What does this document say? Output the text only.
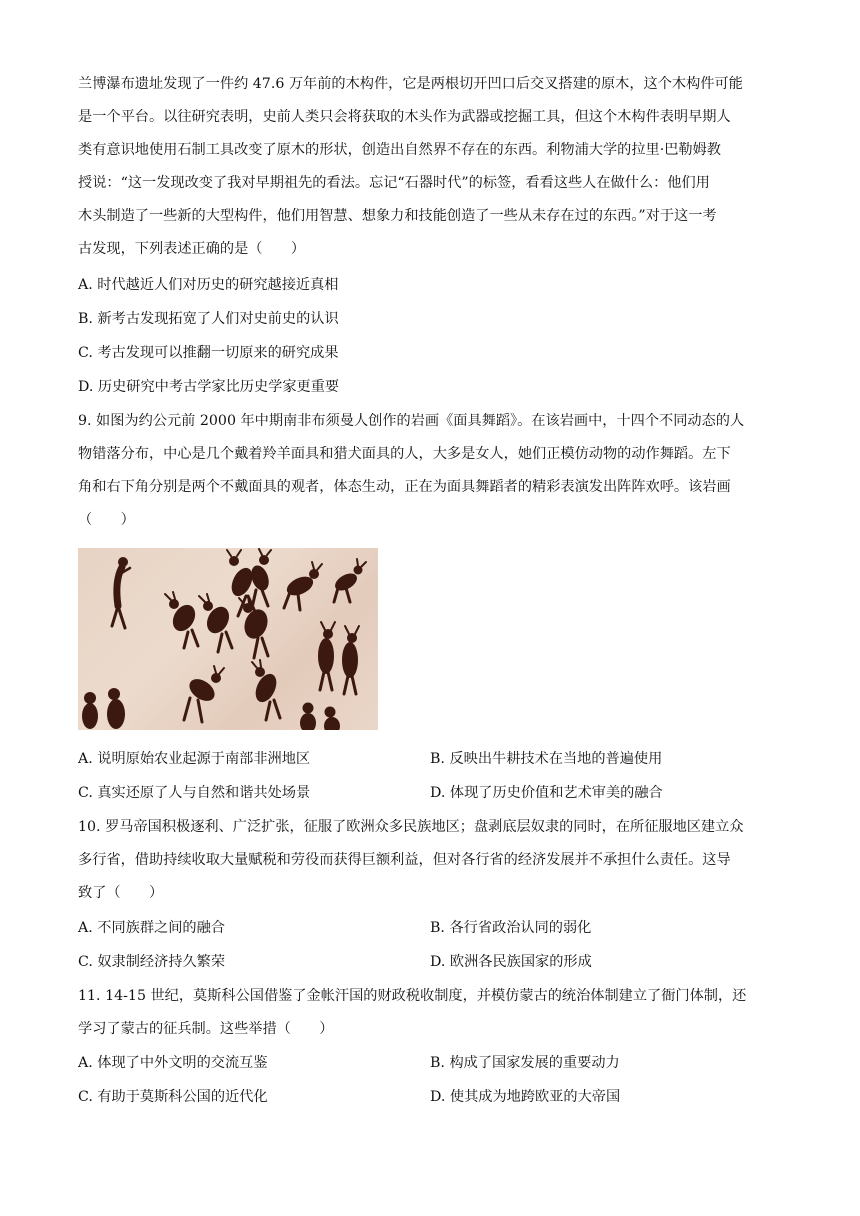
兰博瀑布遗址发现了一件约 47.6 万年前的木构件，它是两根切开凹口后交叉搭建的原木，这个木构件可能
是一个平台。以往研究表明，史前人类只会将获取的木头作为武器或挖掘工具，但这个木构件表明早期人
类有意识地使用石制工具改变了原木的形状，创造出自然界不存在的东西。利物浦大学的拉里·巴勒姆教
授说：“这一发现改变了我对早期祖先的看法。忘记“石器时代”的标签，看看这些人在做什么：他们用
木头制造了一些新的大型构件，他们用智慧、想象力和技能创造了一些从未存在过的东西。”对于这一考
古发现，下列表述正确的是（　　）
A. 时代越近人们对历史的研究越接近真相
B. 新考古发现拓宽了人们对史前史的认识
C. 考古发现可以推翻一切原来的研究成果
D. 历史研究中考古学家比历史学家更重要
9. 如图为约公元前 2000 年中期南非布须曼人创作的岩画《面具舞蹈》。在该岩画中，十四个不同动态的人
物错落分布，中心是几个戴着羚羊面具和猎犬面具的人，大多是女人，她们正模仿动物的动作舞蹈。左下
角和右下角分别是两个不戴面具的观者，体态生动，正在为面具舞蹈者的精彩表演发出阵阵欢呼。该岩画
（　　）
A. 说明原始农业起源于南部非洲地区	B. 反映出牛耕技术在当地的普遍使用
C. 真实还原了人与自然和谐共处场景	D. 体现了历史价值和艺术审美的融合
10. 罗马帝国积极逐利、广泛扩张，征服了欧洲众多民族地区；盘剥底层奴隶的同时，在所征服地区建立众
多行省，借助持续收取大量赋税和劳役而获得巨额利益，但对各行省的经济发展并不承担什么责任。这导
致了（　　）
A. 不同族群之间的融合	B. 各行省政治认同的弱化
C. 奴隶制经济持久繁荣	D. 欧洲各民族国家的形成
11. 14-15 世纪，莫斯科公国借鉴了金帐汗国的财政税收制度，并模仿蒙古的统治体制建立了衙门体制，还
学习了蒙古的征兵制。这些举措（　　）
A. 体现了中外文明的交流互鉴	B. 构成了国家发展的重要动力
C. 有助于莫斯科公国的近代化	D. 使其成为地跨欧亚的大帝国
